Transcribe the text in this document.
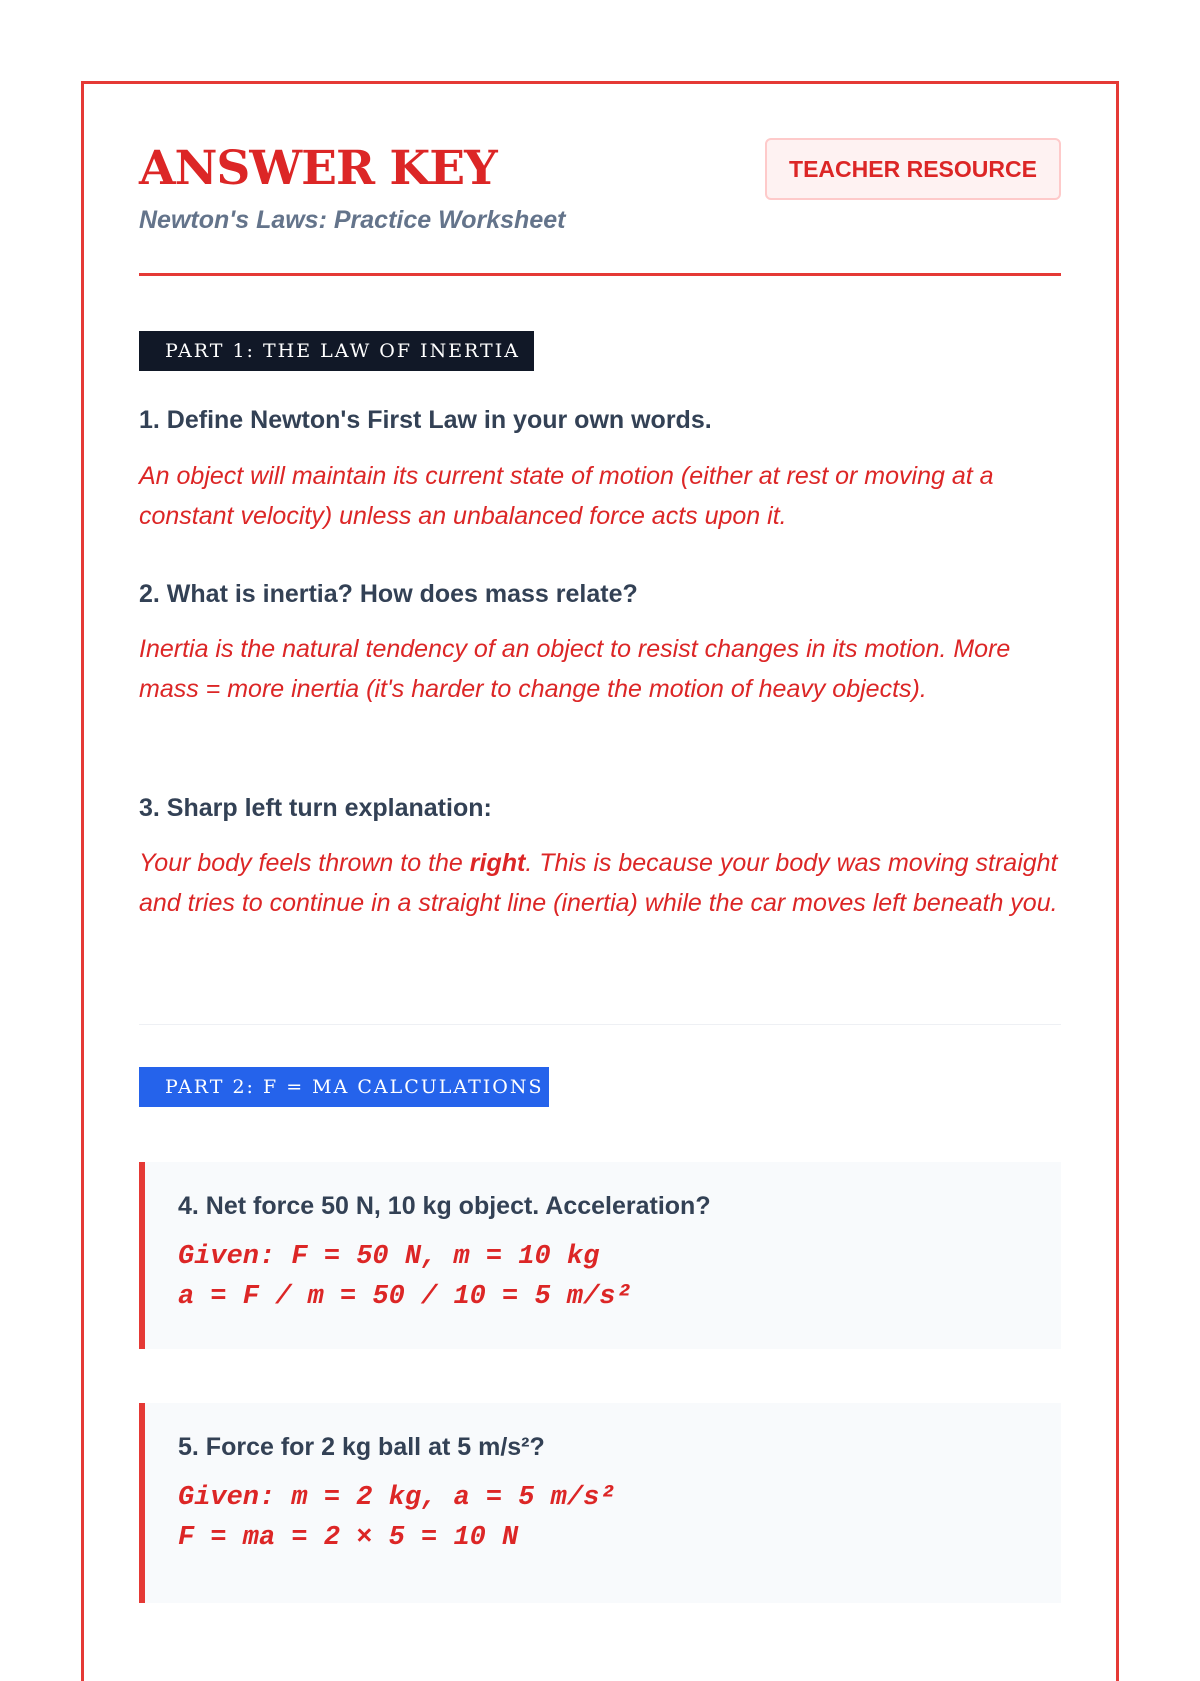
ANSWER KEY
Newton's Laws: Practice Worksheet
TEACHER RESOURCE
PART 1: THE LAW OF INERTIA
1. Define Newton's First Law in your own words.
An object will maintain its current state of motion (either at rest or moving at a constant velocity) unless an unbalanced force acts upon it.
2. What is inertia? How does mass relate?
Inertia is the natural tendency of an object to resist changes in its motion. More mass = more inertia (it's harder to change the motion of heavy objects).
3. Sharp left turn explanation:
Your body feels thrown to the right. This is because your body was moving straight and tries to continue in a straight line (inertia) while the car moves left beneath you.
PART 2: F = MA CALCULATIONS
4. Net force 50 N, 10 kg object. Acceleration?
Given: F = 50 N, m = 10 kg
a = F / m = 50 / 10 = 5 m/s²
5. Force for 2 kg ball at 5 m/s²?
Given: m = 2 kg, a = 5 m/s²
F = ma = 2 × 5 = 10 N
